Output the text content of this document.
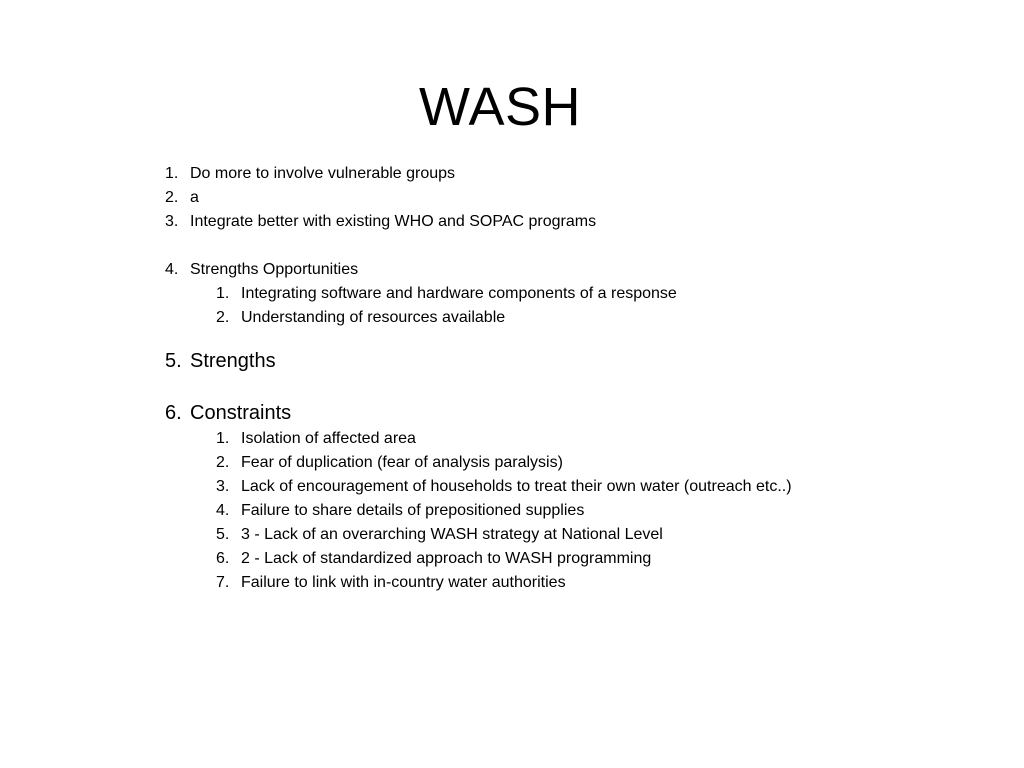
WASH
1. Do more to involve vulnerable groups
2. a
3. Integrate better with existing WHO and SOPAC programs
4. Strengths Opportunities
1. Integrating software and hardware components of a response
2. Understanding of resources available
5. Strengths
6. Constraints
1. Isolation of affected area
2. Fear of duplication (fear of analysis paralysis)
3. Lack of encouragement of households to treat their own water (outreach etc..)
4. Failure to share details of prepositioned supplies
5. 3 - Lack of an overarching WASH strategy at National Level
6. 2 - Lack of standardized approach to WASH programming
7. Failure to link with in-country water authorities
